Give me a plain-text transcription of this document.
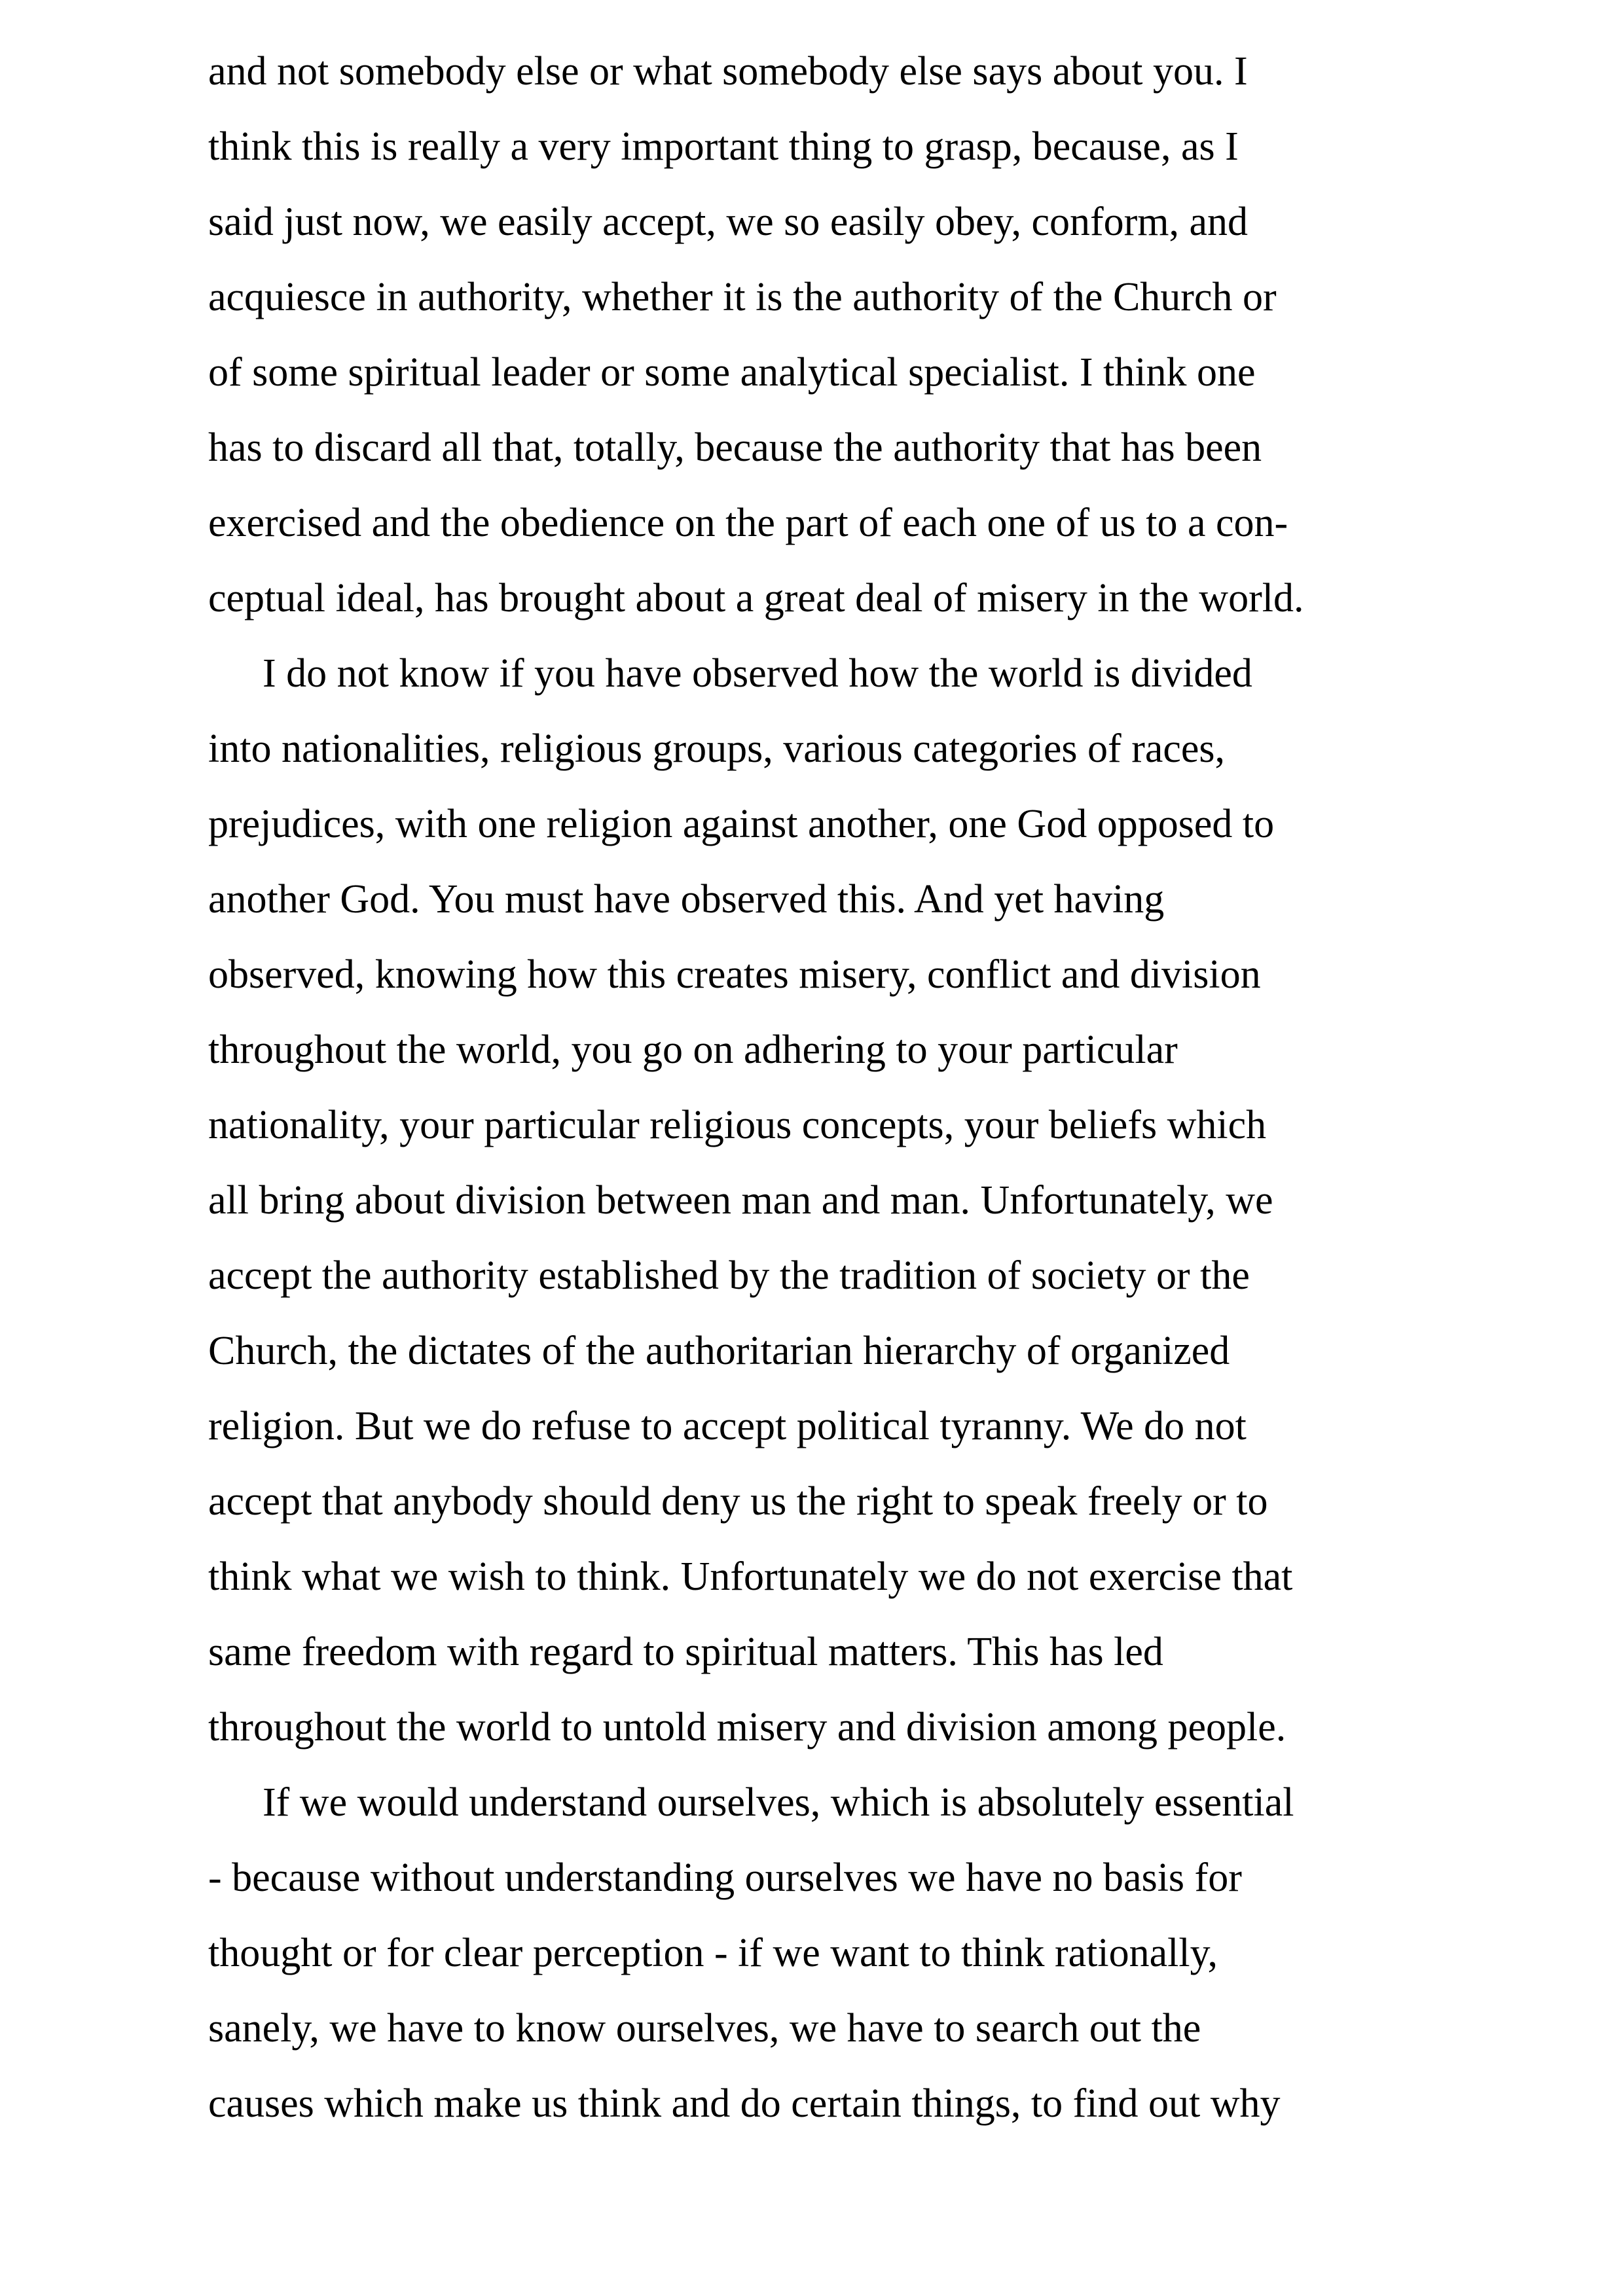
and not somebody else or what somebody else says about you. I
think this is really a very important thing to grasp, because, as I
said just now, we easily accept, we so easily obey, conform, and
acquiesce in authority, whether it is the authority of the Church or
of some spiritual leader or some analytical specialist. I think one
has to discard all that, totally, because the authority that has been
exercised and the obedience on the part of each one of us to a con-
ceptual ideal, has brought about a great deal of misery in the world.
I do not know if you have observed how the world is divided
into nationalities, religious groups, various categories of races,
prejudices, with one religion against another, one God opposed to
another God. You must have observed this. And yet having
observed, knowing how this creates misery, conflict and division
throughout the world, you go on adhering to your particular
nationality, your particular religious concepts, your beliefs which
all bring about division between man and man. Unfortunately, we
accept the authority established by the tradition of society or the
Church, the dictates of the authoritarian hierarchy of organized
religion. But we do refuse to accept political tyranny. We do not
accept that anybody should deny us the right to speak freely or to
think what we wish to think. Unfortunately we do not exercise that
same freedom with regard to spiritual matters. This has led
throughout the world to untold misery and division among people.
If we would understand ourselves, which is absolutely essential
- because without understanding ourselves we have no basis for
thought or for clear perception - if we want to think rationally,
sanely, we have to know ourselves, we have to search out the
causes which make us think and do certain things, to find out why
